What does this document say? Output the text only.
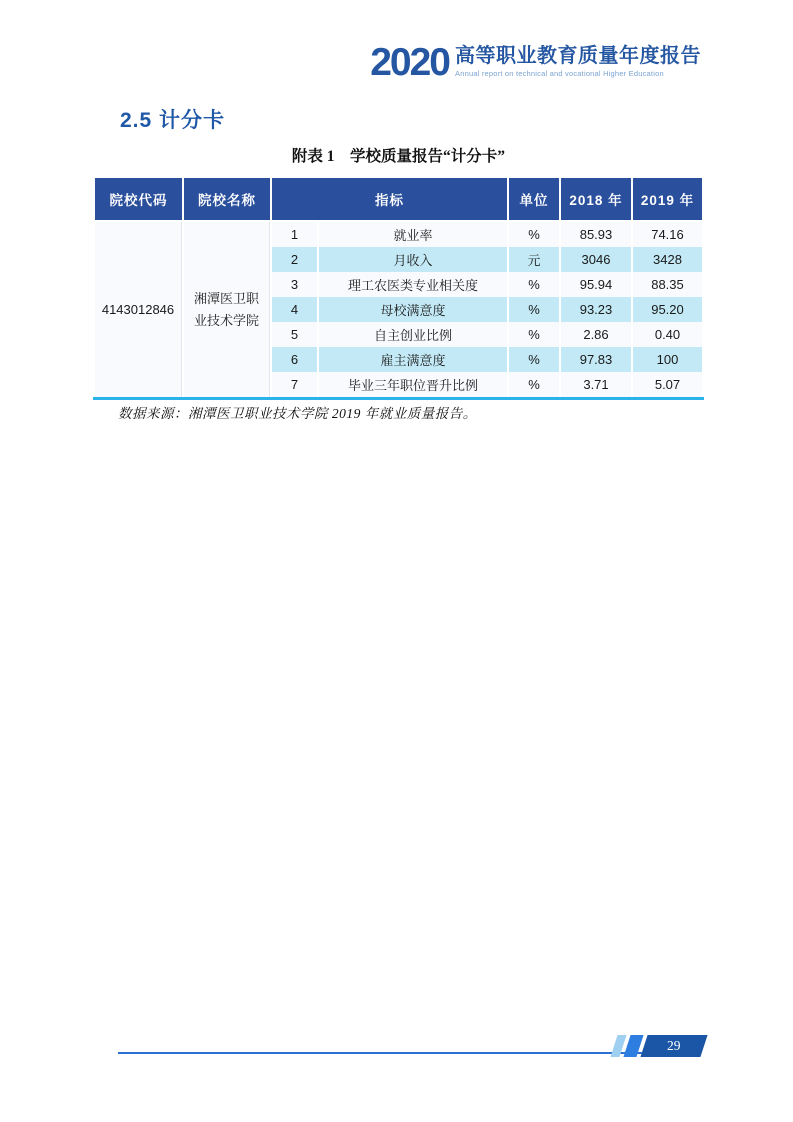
2020 高等职业教育质量年度报告
Annual report on technical and vocational Higher Education
2.5 计分卡
附表 1　学校质量报告“计分卡”
院校代码	院校名称	指标		单位	2018 年	2019 年
4143012846	湘潭医卫职业技术学院	1	就业率	%	85.93	74.16
		2	月收入	元	3046	3428
		3	理工农医类专业相关度	%	95.94	88.35
		4	母校满意度	%	93.23	95.20
		5	自主创业比例	%	2.86	0.40
		6	雇主满意度	%	97.83	100
		7	毕业三年职位晋升比例	%	3.71	5.07
数据来源：湘潭医卫职业技术学院 2019 年就业质量报告。
29
